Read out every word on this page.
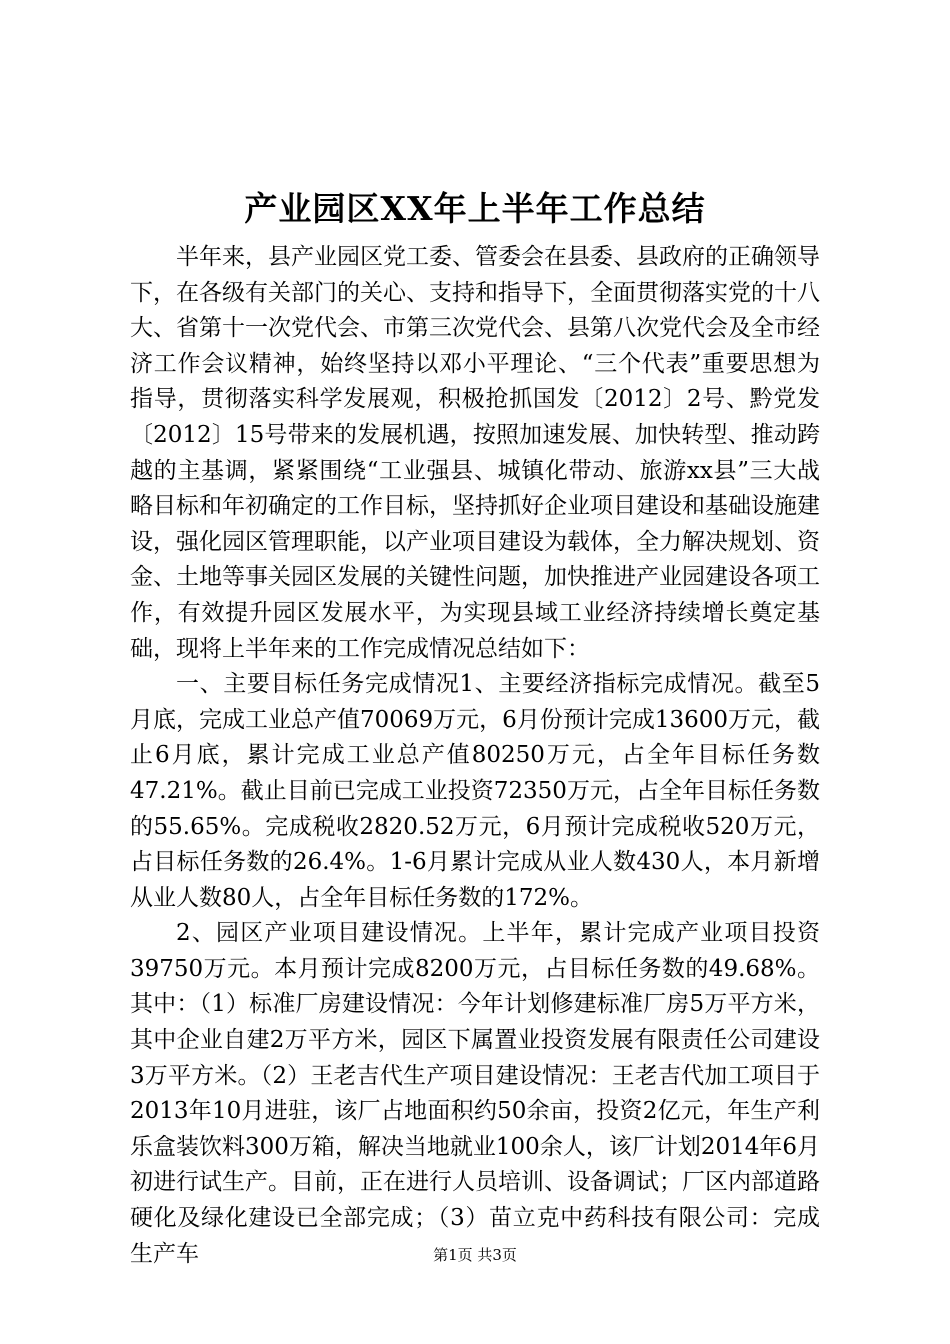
产业园区XX年上半年工作总结

半年来，县产业园区党工委、管委会在县委、县政府的正确领导下，在各级有关部门的关心、支持和指导下，全面贯彻落实党的十八大、省第十一次党代会、市第三次党代会、县第八次党代会及全市经济工作会议精神，始终坚持以邓小平理论、“三个代表”重要思想为指导，贯彻落实科学发展观，积极抢抓国发〔2012〕2号、黔党发〔2012〕15号带来的发展机遇，按照加速发展、加快转型、推动跨越的主基调，紧紧围绕“工业强县、城镇化带动、旅游xx县”三大战略目标和年初确定的工作目标，坚持抓好企业项目建设和基础设施建设，强化园区管理职能，以产业项目建设为载体，全力解决规划、资金、土地等事关园区发展的关键性问题，加快推进产业园建设各项工作，有效提升园区发展水平，为实现县域工业经济持续增长奠定基础，现将上半年来的工作完成情况总结如下：

一、主要目标任务完成情况1、主要经济指标完成情况。截至5月底，完成工业总产值70069万元，6月份预计完成13600万元，截止6月底，累计完成工业总产值80250万元，占全年目标任务数47.21%。截止目前已完成工业投资72350万元，占全年目标任务数的55.65%。完成税收2820.52万元，6月预计完成税收520万元，占目标任务数的26.4%。1-6月累计完成从业人数430人，本月新增从业人数80人，占全年目标任务数的172%。

2、园区产业项目建设情况。上半年，累计完成产业项目投资39750万元。本月预计完成8200万元，占目标任务数的49.68%。其中：（1）标准厂房建设情况：今年计划修建标准厂房5万平方米，其中企业自建2万平方米，园区下属置业投资发展有限责任公司建设3万平方米。（2）王老吉代生产项目建设情况：王老吉代加工项目于2013年10月进驻，该厂占地面积约50余亩，投资2亿元，年生产利乐盒装饮料300万箱，解决当地就业100余人，该厂计划2014年6月初进行试生产。目前，正在进行人员培训、设备调试；厂区内部道路硬化及绿化建设已全部完成；（3）苗立克中药科技有限公司：完成生产车	第1页 共3页
